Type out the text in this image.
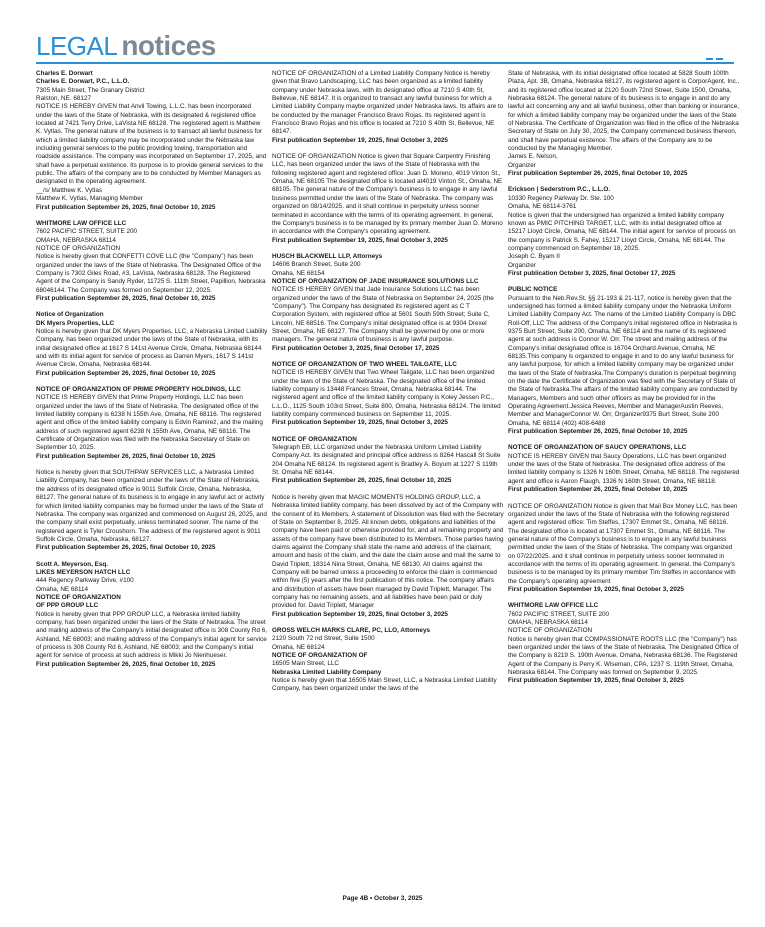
LEGAL notices

Charles E. Dorwart

Charles E. Dorwart, P.C., L.L.O.

7305 Main Street, The Granary District

Ralston, NE. 68127

NOTICE IS HEREBY GIVEN that Anvil Towing, L.L.C. has been incorporated under the laws of the State of Nebraska, with its designated & registered office located at 7421 Terry Drive, LaVista NE 68128. The registered agent is Matthew K. Vytlas. The general nature of the business is to transact all lawful business for which a limited liability company may be incorporated under the Nebraska law including general services to the public providing towing, transportation and roadside assistance. The company was incorporated on September 17, 2025, and shall have a perpetual existence. Its purpose is to provide general services to the public. The affairs of the company are to be conducted by Member Managers as designated in the operating agreement.

__/s/ Matthew K. Vytlas

Matthew K. Vytlas, Managing Member

First publication September 26, 2025, final October 10, 2025

WHITMORE LAW OFFICE LLC

7602 PACIFIC STREET, SUITE 200

OMAHA, NEBRASKA 68114

NOTICE OF ORGANIZATION

Notice is hereby given that CONFETTI COVE LLC (the "Company") has been organized under the laws of the State of Nebraska. The Designated Office of the Company is 7302 Giles Road, #3, LaVista, Nebraska 68128. The Registered Agent of the Company is Sandy Ryder, 11725 S. 111th Street, Papillion, Nebraska 68046144. The Company was formed on September 12, 2025.

First publication September 26, 2025, final October 10, 2025

Notice of Organization

DK Myers Properties, LLC

Notice is hereby given that DK Myers Properties, LLC, a Nebraska Limited Liability Company, has been organized under the laws of the State of Nebraska, with its initial designated office at 1617 S 141st Avenue Circle, Omaha, Nebraska 68144 and with its initial agent for service of process as Darren Myers, 1617 S 141st Avenue Circle, Omaha, Nebraska 68144.

First publication September 26, 2025, final October 10, 2025

NOTICE OF ORGANIZATION OF PRIME PROPERTY HOLDINGS, LLC

NOTICE IS HEREBY GIVEN that Prime Property Holdings, LLC has been organized under the laws of the State of Nebraska. The designated office of the limited liability company is 6238 N 155th Ave, Omaha, NE 68116. The registered agent and office of the limited liability company is Edvin Ramirez, and the mailing address of such registered agent 6238 N 155th Ave, Omaha, NE 68116. The Certificate of Organization was filed with the Nebraska Secretary of State on September 10, 2025.

First publication September 26, 2025, final October 10, 2025

Notice is hereby given that SOUTHPAW SERVICES LLC, a Nebraska Limited Liability Company, has been organized under the laws of the State of Nebraska, the address of its designated office is 9011 Suffolk Circle, Omaha, Nebraska, 68127. The general nature of its business is to engage in any lawful act or activity for which limited liability companies may be formed under the laws of the State of Nebraska. The company was organized and commenced on August 26, 2025, and the company shall exist perpetually, unless terminated sooner. The name of the registered agent is Tyler Croushorn. The address of the registered agent is 9011 Suffolk Circle, Omaha, Nebraska, 68127.

First publication September 26, 2025, final October 10, 2025

Scott A. Meyerson, Esq.

LIKES MEYERSON HATCH LLC

444 Regency Parkway Drive, #100

Omaha, NE 68114

NOTICE OF ORGANIZATION

OF PPP GROUP LLC

Notice is hereby given that PPP GROUP LLC, a Nebraska limited liability company, has been organized under the laws of the State of Nebraska. The street and mailing address of the Company's initial designated office is 308 County Rd 6, Ashland, NE 68003; and mailing address of the Company's initial agent for service of process is 308 County Rd 6, Ashland, NE 68003; and the Company's initial agent for service of process at such address is Mikki Jo Nienhueser.

First publication September 26, 2025, final October 10, 2025

NOTICE OF ORGANIZATION of a Limited Liability Company Notice is hereby given that Bravo Landscaping, LLC has been organized as a limited liability company under Nebraska laws, with its designated office at 7210 S 40th St, Bellevue, NE 68147. It is organized to transact any lawful business for which a Limited Liability Company maybe organized under Nebraska laws. Its affairs are to be conducted by the manager Francisco Bravo Rojas. Its registered agent is Francisco Bravo Rojas and his office is located at 7210 S 40th St, Bellevue, NE 68147.

First publication September 19, 2025, final October 3, 2025

NOTICE OF ORGANIZATION Notice is given that Square Carpentry Finishing LLC, has been organized under the laws of the State of Nebraska with the following registered agent and registered office: Juan D. Moreno, 4019 Vinton St., Omaha, NE 68105 The designated office is located at4019 Vinton St., Omaha, NE 68105. The general nature of the Company's business is to engage in any lawful business permitted under the laws of the State of Nebraska. The company was organized on 08/14/2025. and it shall continue in perpetuity unless sooner terminated in accordance with the terms of its operating agreement. In general, the Company's business is to be managed by its primary member Juan D. Moreno in accordance with the Company's operating agreement.

First publication September 19, 2025, final October 3, 2025

HUSCH BLACKWELL LLP, Attorneys

14606 Branch Street, Suite 200

Omaha, NE 68154

NOTICE OF ORGANIZATION OF JADE INSURANCE SOLUTIONS LLC

NOTICE IS HEREBY GIVEN that Jade Insurance Solutions LLC has been organized under the laws of the State of Nebraska on September 24, 2025 (the "Company"). The Company has designated its registered agent as C T Corporation System, with registered office at 5601 South 59th Street; Suite C, Lincoln, NE 68516. The Company's initial designated office is at 9304 Drexel Street, Omaha, NE 68127. The Company shall be governed by one or more managers. The general nature of business is any lawful purpose.

First publication October 3, 2025, final October 17, 2025

NOTICE OF ORGANIZATION OF TWO WHEEL TAILGATE, LLC

NOTICE IS HEREBY GIVEN that Two Wheel Tailgate, LLC has been organized under the laws of the State of Nebraska. The designated office of the limited liability company is 13448 Frances Street, Omaha, Nebraska 68144. The registered agent and office of the limited liability company is Koley Jessen P.C., L.L.O., 1125 South 103rd Street, Suite 800, Omaha, Nebraska 68124. The limited liability company commenced business on September 11, 2025.

First publication September 19, 2025, final October 3, 2025

NOTICE OF ORGANIZATION

Telegraph EB, LLC organized under the Nebraska Uniform Limited Liability Company Act. Its designated and principal office address is 8264 Hascall St Suite 204 Omaha NE 68124. Its registered agent is Bradley A. Boyum at 1227 S 119th St. Omaha NE 68144.

First publication September 26, 2025, final October 10, 2025

Notice is hereby given that MAGIC MOMENTS HOLDING GROUP, LLC, a Nebraska limited liability company, has been dissolved by act of the Company with the consent of its Members. A statement of Dissolution was filed with the Secretary of State on September 8, 2025. All known debts, obligations and liabilities of the company have been paid or otherwise provided for, and all remaining property and assets of the company have been distributed to its Members. Those parties having claims against the Company shall state the name and address of the claimant, amount and basis of the claim, and the date the claim arose and mail the same to David Triplett, 18314 Nina Street, Omaha, NE 68130. All claims against the Company will be barred unless a proceeding to enforce the claim is commenced within five (5) years after the first publication of this notice. The company affairs and distribution of assets have been managed by David Triplett, Manager. The company has no remaining assets, and all liabilities have been paid or duly provided for. David Triplett, Manager

First publication September 19, 2025, final October 3, 2025

GROSS WELCH MARKS CLARE, PC, LLO, Attorneys

2120 South 72 nd Street, Suite 1500

Omaha, NE 68124

NOTICE OF ORGANIZATION OF

16505 Main Street, LLC

Nebraska Limited Liability Company

Notice is hereby given that 16505 Main Street, LLC, a Nebraska Limited Liability Company, has been organized under the laws of the

State of Nebraska, with its initial designated office located at 5828 South 100th Plaza, Apt. 3B, Omaha, Nebraska 68127, its registered agent is CorporAgent, Inc., and its registered office located at 2120 South 72nd Street, Suite 1500, Omaha, Nebraska 68124. The general nature of its business is to engage in and do any lawful act concerning any and all lawful business, other than banking or insurance, for which a limited liability company may be organized under the laws of the State of Nebraska. The Certificate of Organization was filed in the office of the Nebraska Secretary of State on July 30, 2025, the Company commenced business thereon, and shall have perpetual existence. The affairs of the Company are to be conducted by the Managing Member.

James E. Nelson,

Organizer

First publication September 26, 2025, final October 10, 2025

Erickson | Sederstrom P.C., L.L.O.

10330 Regency Parkway Dr. Ste. 100

Omaha, NE 68114-3761

Notice is given that the undersigned has organized a limited liability company known as PMIC PITCHING TARGET, LLC, with its initial designated office at 15217 Lloyd Circle, Omaha, NE 68144. The initial agent for service of process on the company is Patrick S. Fahey, 15217 Lloyd Circle, Omaha, NE 68144. The company commenced on September 18, 2025.

Joseph C. Byam II

Organizer

First publication October 3, 2025, final October 17, 2025

PUBLIC NOTICE

Pursuant to the Neb.Rev.St. §§ 21-193 & 21-117, notice is hereby given that the undersigned has formed a limited liability company under the Nebraska Uniform Limited Liability Company Act. The name of the Limited Liability Company is DBC Roll-Off, LLC The address of the Company's initial registered office in Nebraska is 9375 Burt Street, Suite 200, Omaha, NE 68114 and the name of its registered agent at such address is Connor W. Orr. The street and mailing address of the Company's initial designated office is 16704 Orchard Avenue, Omaha, NE 68135.This company is organized to engage in and to do any lawful business for any lawful purpose, for which a limited liability company may be organized under the laws of the State of Nebraska.The Company's duration is perpetual beginning on the date the Certificate of Organization was filed with the Secretary of State of the State of Nebraska.The affairs of the limited liability company are conducted by Managers, Members and such other officers as may be provided for in the Operating Agreement.Jessica Reeves, Member and ManagerAustin Reeves, Member and ManagerConnor W. Orr, Organizer9375 Burt Street, Suite 200 Omaha, NE 68114 (402) 408-6488

First publication September 26, 2025, final October 10, 2025

NOTICE OF ORGANIZATION OF SAUCY OPERATIONS, LLC

NOTICE IS HEREBY GIVEN that Saucy Operations, LLC has been organized under the laws of the State of Nebraska. The designated office address of the limited liability company is 1326 N 160th Street, Omaha, NE 68118. The registered agent and office is Aaron Flaugh, 1326 N 160th Street, Omaha, NE 68118.

First publication September 26, 2025, final October 10, 2025

NOTICE OF ORGANIZATION Notice is given that Mail Box Money LLC, has been organized under the laws of the State of Nebraska with the following registered agent and registered office: Tim Steffes, 17307 Emmet St., Omaha, NE 68116. The designated office is located at 17307 Emmet St., Omaha, NE 68116. The general nature of the Company's business is to engage in any lawful business permitted under the laws of the State of Nebraska. The company was organized on 07/22/2025. and it shall continue in perpetuity unless sooner terminated in accordance with the terms of its operating agreement. In general, the Company's business is to be managed by its primary member Tim Steffes in accordance with the Company's operating agreement

First publication September 19, 2025, final October 3, 2025

WHITMORE LAW OFFICE LLC

7602 PACIFIC STREET, SUITE 200

OMAHA, NEBRASKA 68114

NOTICE OF ORGANIZATION

Notice is hereby given that COMPASSIONATE ROOTS LLC (the "Company") has been organized under the laws of the State of Nebraska. The Designated Office of the Company is 8219 S. 190th Avenue, Omaha, Nebraska 68136. The Registered Agent of the Company is Perry K. Wiseman, CPA, 1237 S. 119th Street, Omaha, Nebraska 68144. The Company was formed on September 9, 2025.

First publication September 19, 2025, final October 3, 2025

Page 4B • October 3, 2025
